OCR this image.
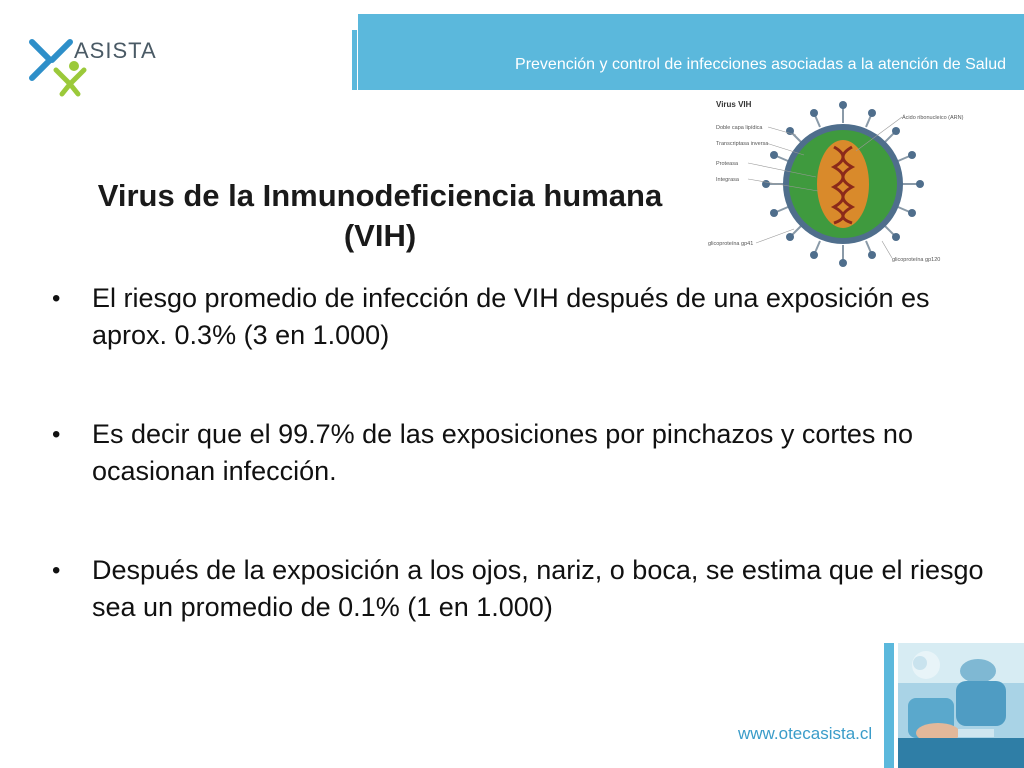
ASISTA
Prevención y control de infecciones asociadas a la atención de Salud
Virus de la Inmunodeficiencia humana
(VIH)
Virus VIH
Doble capa lipídica
Transcriptasa inversa
Proteasa
Integrasa
Ácido ribonucleico (ARN)
glicoproteína gp41
glicoproteína gp120
• El riesgo promedio de infección de VIH después de una exposición es aprox. 0.3% (3 en 1.000)
• Es decir que el 99.7% de las exposiciones por pinchazos y cortes no ocasionan infección.
• Después de la exposición a los ojos, nariz, o boca, se estima que el riesgo sea un promedio de 0.1% (1 en 1.000)
www.otecasista.cl
